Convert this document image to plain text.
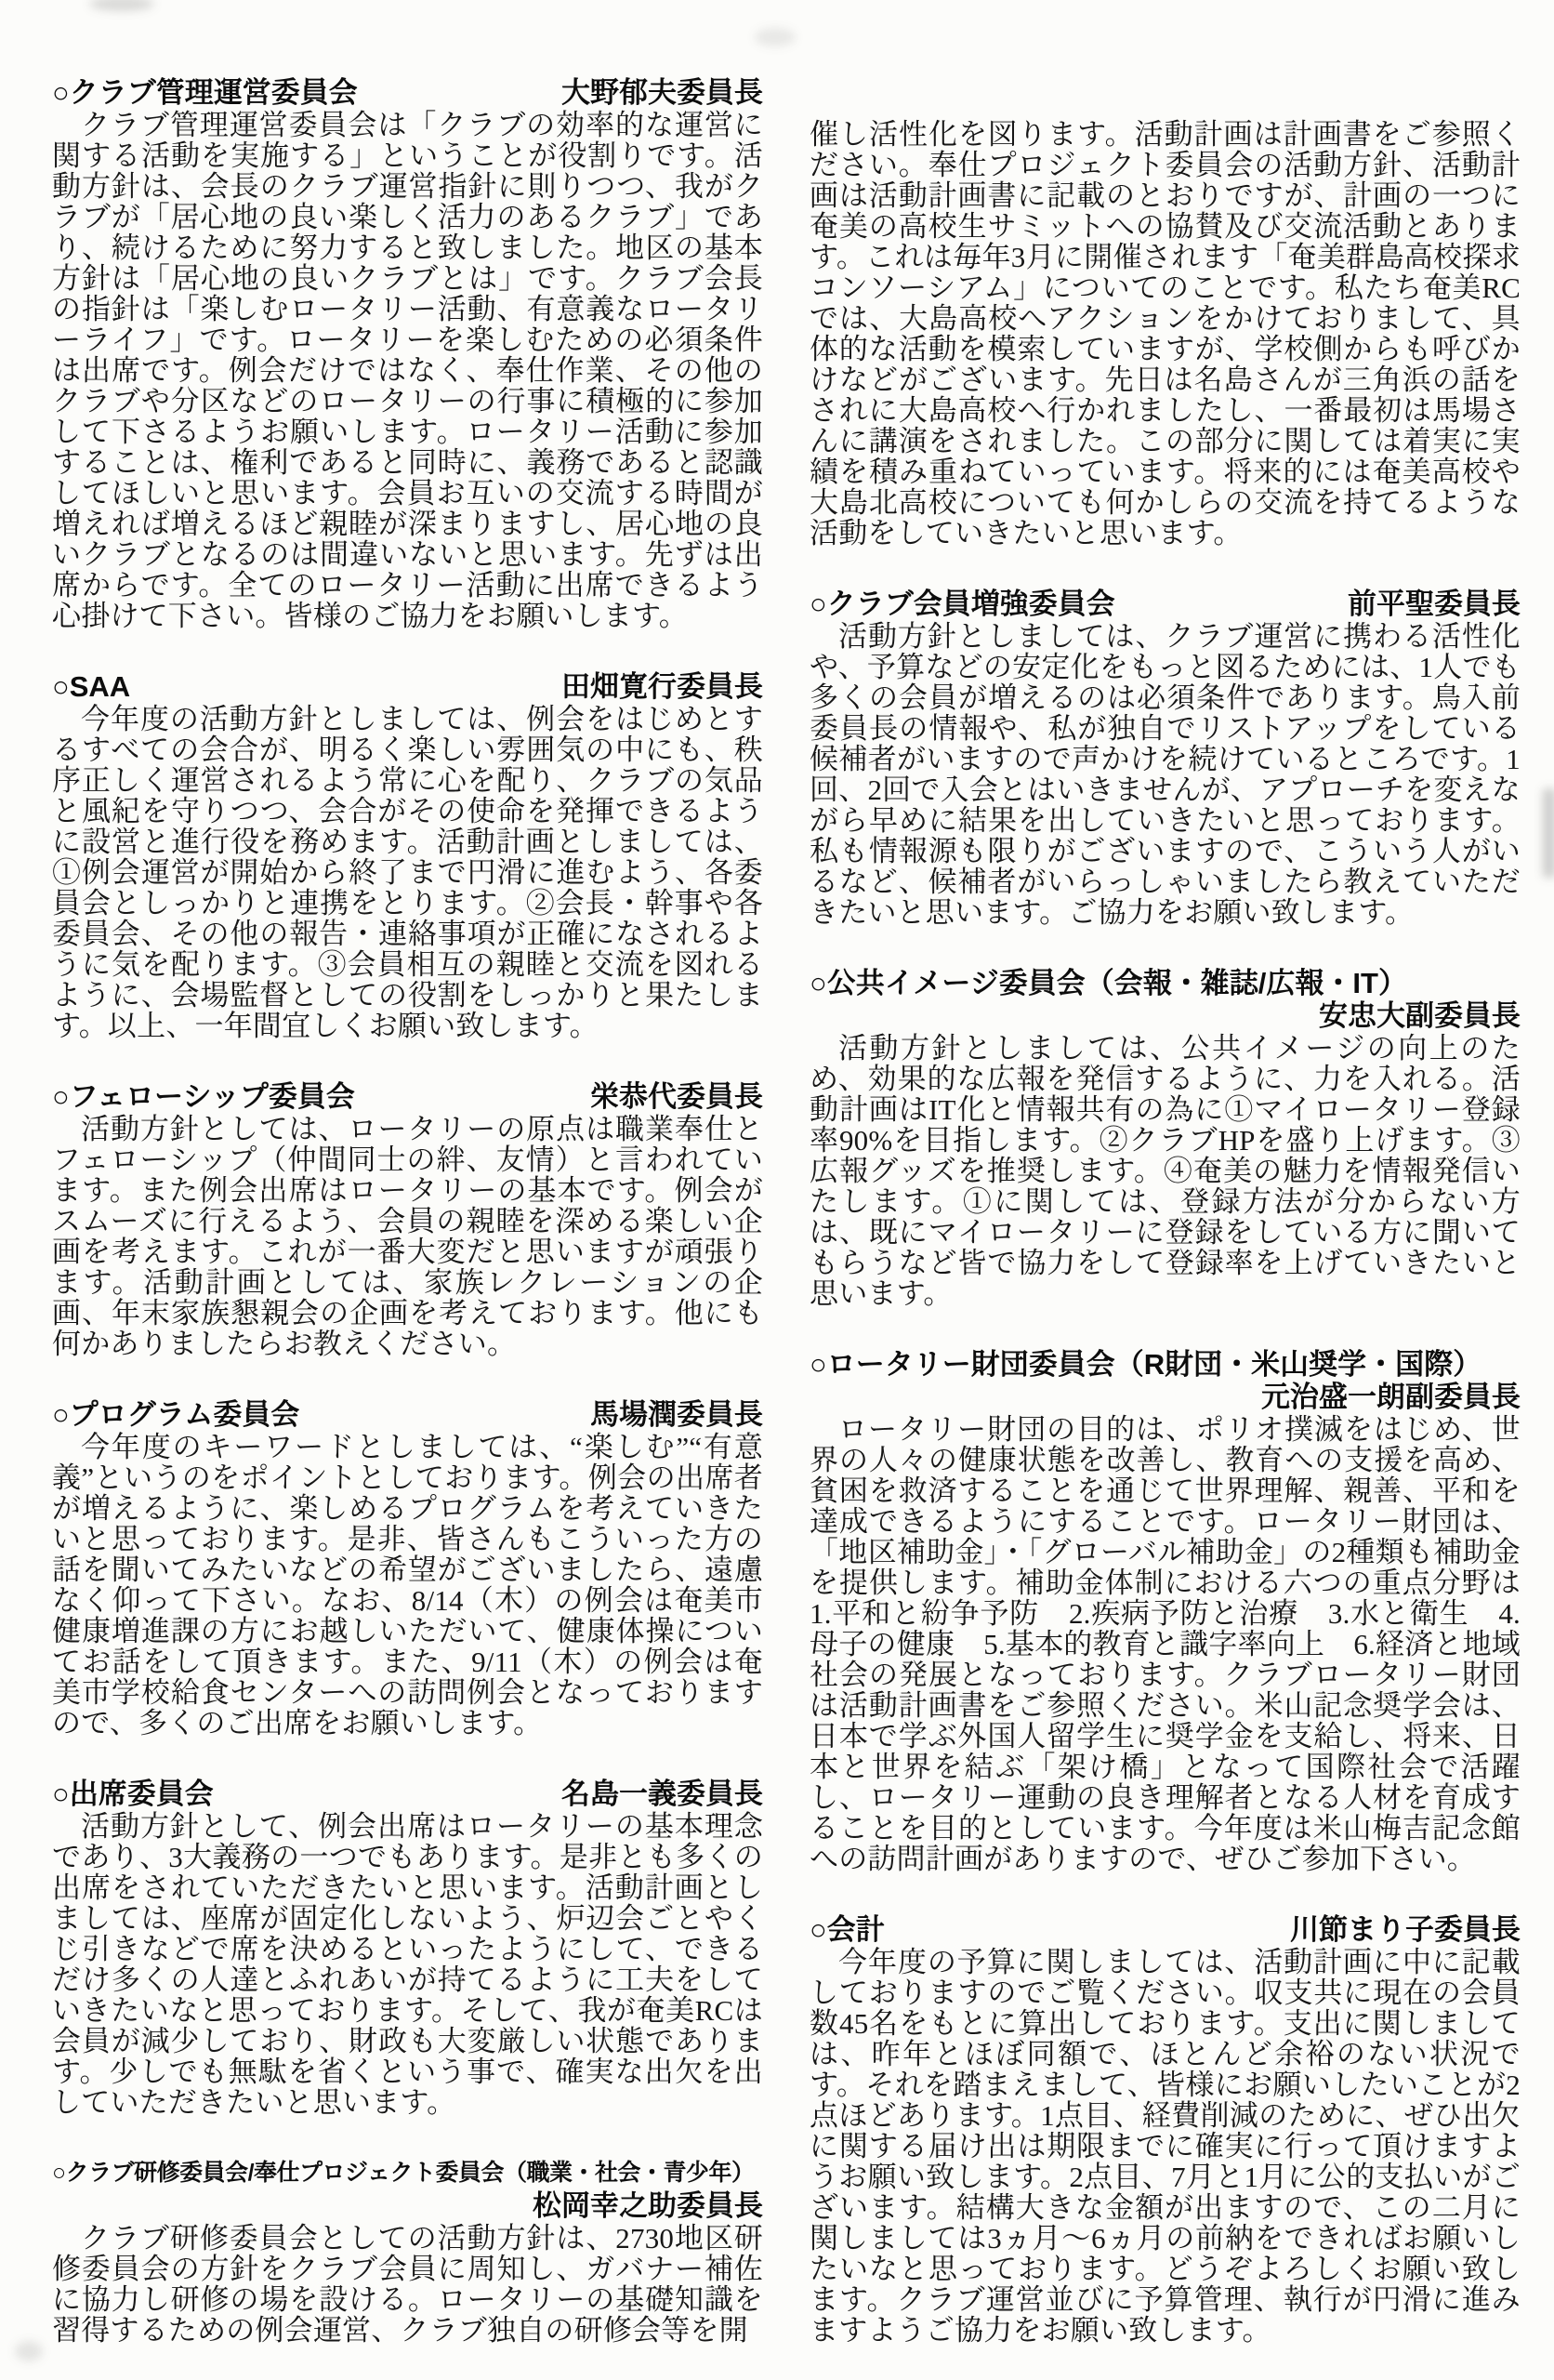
○クラブ管理運営委員会	大野郁夫委員長

クラブ管理運営委員会は「クラブの効率的な運営に関する活動を実施する」ということが役割りです。活動方針は、会長のクラブ運営指針に則りつつ、我がクラブが「居心地の良い楽しく活力のあるクラブ」であり、続けるために努力すると致しました。地区の基本方針は「居心地の良いクラブとは」です。クラブ会長の指針は「楽しむロータリー活動、有意義なロータリーライフ」です。ロータリーを楽しむための必須条件は出席です。例会だけではなく、奉仕作業、その他のクラブや分区などのロータリーの行事に積極的に参加して下さるようお願いします。ロータリー活動に参加することは、権利であると同時に、義務であると認識してほしいと思います。会員お互いの交流する時間が増えれば増えるほど親睦が深まりますし、居心地の良いクラブとなるのは間違いないと思います。先ずは出席からです。全てのロータリー活動に出席できるよう心掛けて下さい。皆様のご協力をお願いします。

○SAA	田畑寛行委員長

今年度の活動方針としましては、例会をはじめとするすべての会合が、明るく楽しい雰囲気の中にも、秩序正しく運営されるよう常に心を配り、クラブの気品と風紀を守りつつ、会合がその使命を発揮できるように設営と進行役を務めます。活動計画としましては、①例会運営が開始から終了まで円滑に進むよう、各委員会としっかりと連携をとります。②会長・幹事や各委員会、その他の報告・連絡事項が正確になされるように気を配ります。③会員相互の親睦と交流を図れるように、会場監督としての役割をしっかりと果たします。以上、一年間宜しくお願い致します。

○フェローシップ委員会	栄恭代委員長

活動方針としては、ロータリーの原点は職業奉仕とフェローシップ（仲間同士の絆、友情）と言われています。また例会出席はロータリーの基本です。例会がスムーズに行えるよう、会員の親睦を深める楽しい企画を考えます。これが一番大変だと思いますが頑張ります。活動計画としては、家族レクレーションの企画、年末家族懇親会の企画を考えております。他にも何かありましたらお教えください。

○プログラム委員会	馬場潤委員長

今年度のキーワードとしましては、“楽しむ”“有意義”というのをポイントとしております。例会の出席者が増えるように、楽しめるプログラムを考えていきたいと思っております。是非、皆さんもこういった方の話を聞いてみたいなどの希望がございましたら、遠慮なく仰って下さい。なお、8/14（木）の例会は奄美市健康増進課の方にお越しいただいて、健康体操についてお話をして頂きます。また、9/11（木）の例会は奄美市学校給食センターへの訪問例会となっておりますので、多くのご出席をお願いします。

○出席委員会	名島一義委員長

活動方針として、例会出席はロータリーの基本理念であり、3大義務の一つでもあります。是非とも多くの出席をされていただきたいと思います。活動計画としましては、座席が固定化しないよう、炉辺会ごとやくじ引きなどで席を決めるといったようにして、できるだけ多くの人達とふれあいが持てるように工夫をしていきたいなと思っております。そして、我が奄美RCは会員が減少しており、財政も大変厳しい状態であります。少しでも無駄を省くという事で、確実な出欠を出していただきたいと思います。

○クラブ研修委員会/奉仕プロジェクト委員会（職業・社会・青少年）
松岡幸之助委員長

クラブ研修委員会としての活動方針は、2730地区研修委員会の方針をクラブ会員に周知し、ガバナー補佐に協力し研修の場を設ける。ロータリーの基礎知識を習得するための例会運営、クラブ独自の研修会等を開

催し活性化を図ります。活動計画は計画書をご参照ください。奉仕プロジェクト委員会の活動方針、活動計画は活動計画書に記載のとおりですが、計画の一つに奄美の高校生サミットへの協賛及び交流活動とあります。これは毎年3月に開催されます「奄美群島高校探求コンソーシアム」についてのことです。私たち奄美RCでは、大島高校へアクションをかけておりまして、具体的な活動を模索していますが、学校側からも呼びかけなどがございます。先日は名島さんが三角浜の話をされに大島高校へ行かれましたし、一番最初は馬場さんに講演をされました。この部分に関しては着実に実績を積み重ねていっています。将来的には奄美高校や大島北高校についても何かしらの交流を持てるような活動をしていきたいと思います。

○クラブ会員増強委員会	前平聖委員長

活動方針としましては、クラブ運営に携わる活性化や、予算などの安定化をもっと図るためには、1人でも多くの会員が増えるのは必須条件であります。鳥入前委員長の情報や、私が独自でリストアップをしている候補者がいますので声かけを続けているところです。1回、2回で入会とはいきませんが、アプローチを変えながら早めに結果を出していきたいと思っております。私も情報源も限りがございますので、こういう人がいるなど、候補者がいらっしゃいましたら教えていただきたいと思います。ご協力をお願い致します。

○公共イメージ委員会（会報・雑誌/広報・IT）
安忠大副委員長

活動方針としましては、公共イメージの向上のため、効果的な広報を発信するように、力を入れる。活動計画はIT化と情報共有の為に①マイロータリー登録率90%を目指します。②クラブHPを盛り上げます。③広報グッズを推奨します。④奄美の魅力を情報発信いたします。①に関しては、登録方法が分からない方は、既にマイロータリーに登録をしている方に聞いてもらうなど皆で協力をして登録率を上げていきたいと思います。

○ロータリー財団委員会（R財団・米山奨学・国際）
元治盛一朗副委員長

ロータリー財団の目的は、ポリオ撲滅をはじめ、世界の人々の健康状態を改善し、教育への支援を高め、貧困を救済することを通じて世界理解、親善、平和を達成できるようにすることです。ロータリー財団は、「地区補助金」・「グローバル補助金」の2種類も補助金を提供します。補助金体制における六つの重点分野は　1.平和と紛争予防　2.疾病予防と治療　3.水と衛生　4.母子の健康　5.基本的教育と識字率向上　6.経済と地域社会の発展となっております。クラブロータリー財団は活動計画書をご参照ください。米山記念奨学会は、日本で学ぶ外国人留学生に奨学金を支給し、将来、日本と世界を結ぶ「架け橋」となって国際社会で活躍し、ロータリー運動の良き理解者となる人材を育成することを目的としています。今年度は米山梅吉記念館への訪問計画がありますので、ぜひご参加下さい。

○会計	川節まり子委員長

今年度の予算に関しましては、活動計画に中に記載しておりますのでご覧ください。収支共に現在の会員数45名をもとに算出しております。支出に関しましては、昨年とほぼ同額で、ほとんど余裕のない状況です。それを踏まえまして、皆様にお願いしたいことが2点ほどあります。1点目、経費削減のために、ぜひ出欠に関する届け出は期限までに確実に行って頂けますようお願い致します。2点目、7月と1月に公的支払いがございます。結構大きな金額が出ますので、この二月に関しましては3ヵ月〜6ヵ月の前納をできればお願いしたいなと思っております。どうぞよろしくお願い致します。クラブ運営並びに予算管理、執行が円滑に進みますようご協力をお願い致します。
